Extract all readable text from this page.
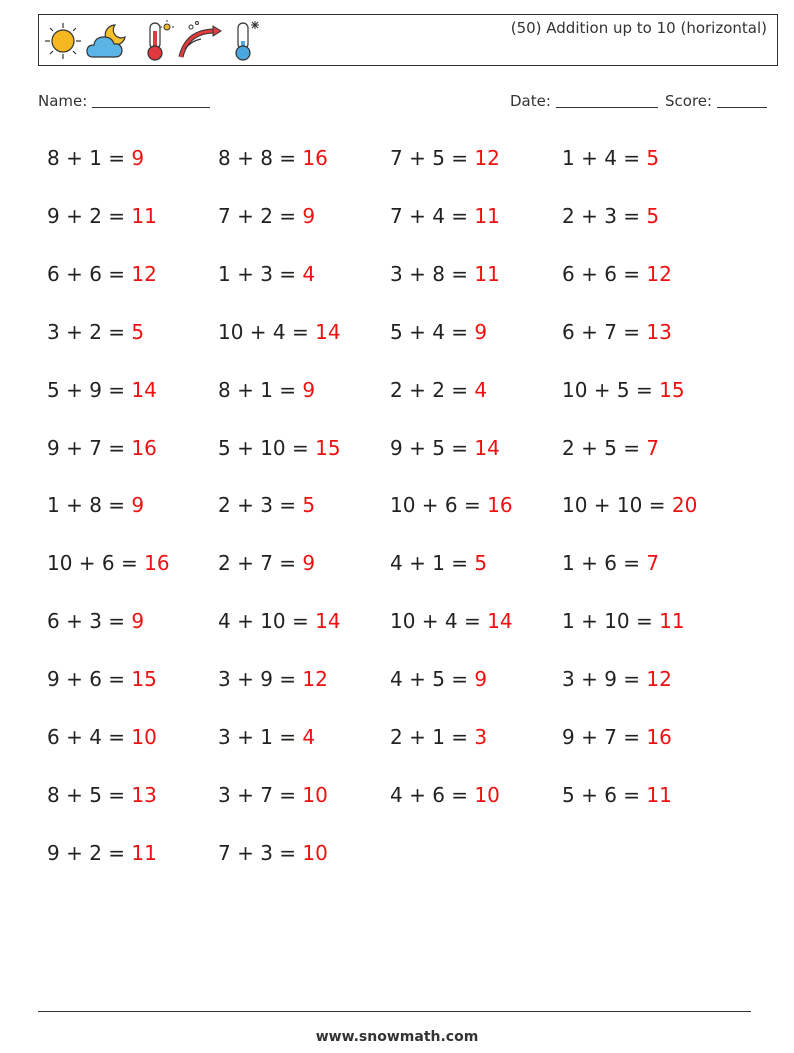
(50) Addition up to 10 (horizontal)
Name:	Date:	Score:
8 + 1 = 9
9 + 2 = 11
6 + 6 = 12
3 + 2 = 5
5 + 9 = 14
9 + 7 = 16
1 + 8 = 9
10 + 6 = 16
6 + 3 = 9
9 + 6 = 15
6 + 4 = 10
8 + 5 = 13
9 + 2 = 11
8 + 8 = 16
7 + 2 = 9
1 + 3 = 4
10 + 4 = 14
8 + 1 = 9
5 + 10 = 15
2 + 3 = 5
2 + 7 = 9
4 + 10 = 14
3 + 9 = 12
3 + 1 = 4
3 + 7 = 10
7 + 3 = 10
7 + 5 = 12
7 + 4 = 11
3 + 8 = 11
5 + 4 = 9
2 + 2 = 4
9 + 5 = 14
10 + 6 = 16
4 + 1 = 5
10 + 4 = 14
4 + 5 = 9
2 + 1 = 3
4 + 6 = 10
1 + 4 = 5
2 + 3 = 5
6 + 6 = 12
6 + 7 = 13
10 + 5 = 15
2 + 5 = 7
10 + 10 = 20
1 + 6 = 7
1 + 10 = 11
3 + 9 = 12
9 + 7 = 16
5 + 6 = 11
www.snowmath.com
